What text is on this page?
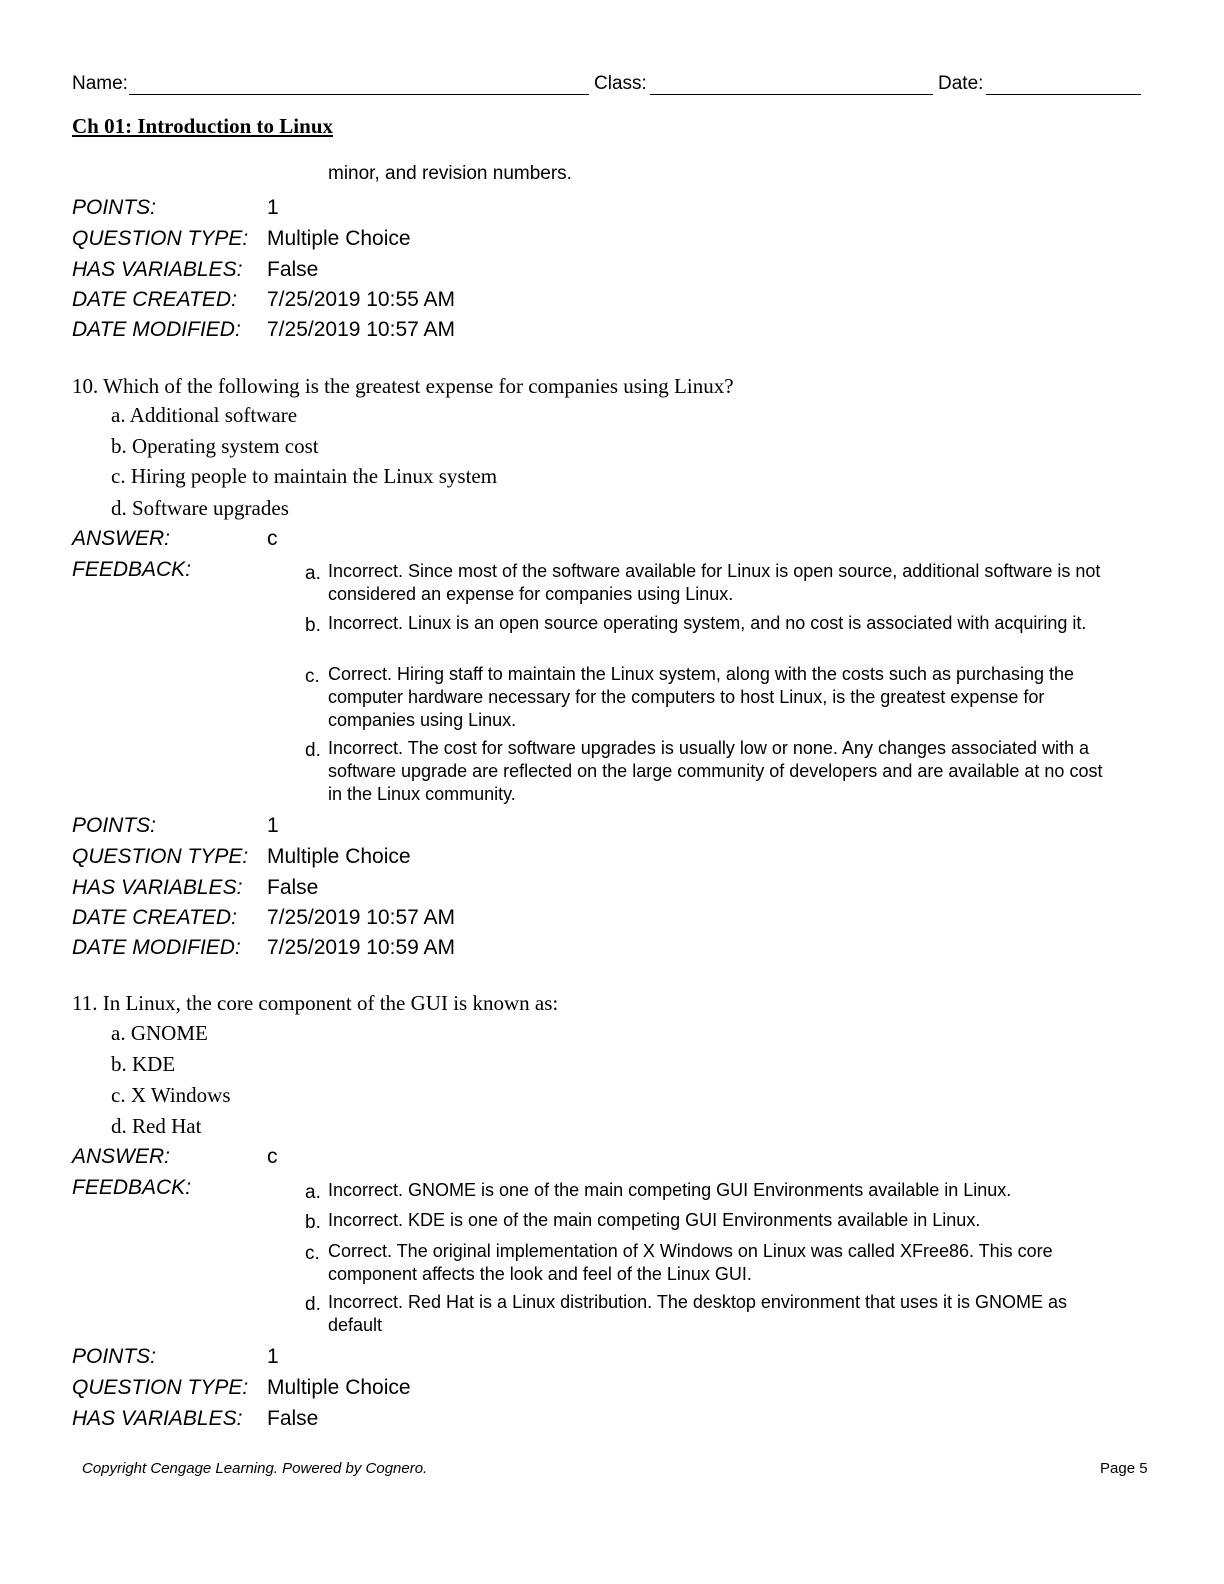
Name:	Class:	Date:
Ch 01: Introduction to Linux
minor, and revision numbers.
POINTS:	1
QUESTION TYPE: Multiple Choice
HAS VARIABLES: False
DATE CREATED: 7/25/2019 10:55 AM
DATE MODIFIED: 7/25/2019 10:57 AM
10. Which of the following is the greatest expense for companies using Linux?
a. Additional software
b. Operating system cost
c. Hiring people to maintain the Linux system
d. Software upgrades
ANSWER:	c
FEEDBACK:	a. Incorrect. Since most of the software available for Linux is open source, additional software is not considered an expense for companies using Linux.
b. Incorrect. Linux is an open source operating system, and no cost is associated with acquiring it.
c. Correct. Hiring staff to maintain the Linux system, along with the costs such as purchasing the computer hardware necessary for the computers to host Linux, is the greatest expense for companies using Linux.
d. Incorrect. The cost for software upgrades is usually low or none. Any changes associated with a software upgrade are reflected on the large community of developers and are available at no cost in the Linux community.
POINTS:	1
QUESTION TYPE: Multiple Choice
HAS VARIABLES: False
DATE CREATED: 7/25/2019 10:57 AM
DATE MODIFIED: 7/25/2019 10:59 AM
11. In Linux, the core component of the GUI is known as:
a. GNOME
b. KDE
c. X Windows
d. Red Hat
ANSWER:	c
FEEDBACK:	a. Incorrect. GNOME is one of the main competing GUI Environments available in Linux.
b. Incorrect. KDE is one of the main competing GUI Environments available in Linux.
c. Correct. The original implementation of X Windows on Linux was called XFree86. This core component affects the look and feel of the Linux GUI.
d. Incorrect. Red Hat is a Linux distribution. The desktop environment that uses it is GNOME as default
POINTS:	1
QUESTION TYPE: Multiple Choice
HAS VARIABLES: False
Copyright Cengage Learning. Powered by Cognero.	Page 5
